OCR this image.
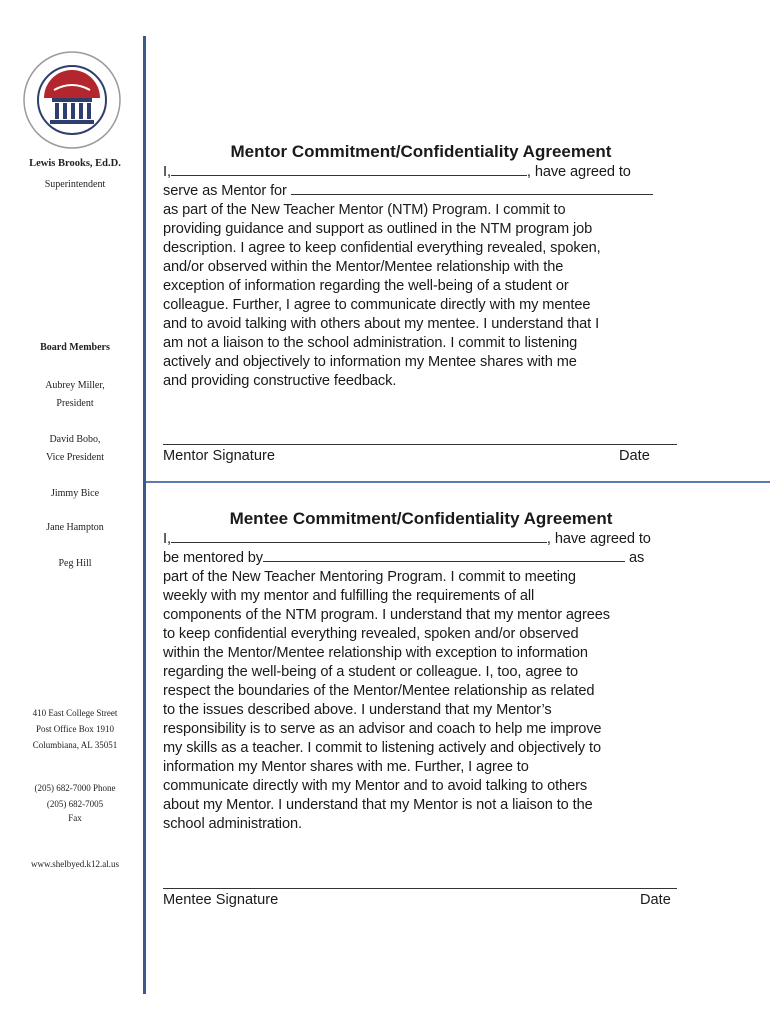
Lewis Brooks, Ed.D.
Superintendent
Board Members
Aubrey Miller,
President
David Bobo,
Vice President
Jimmy Bice
Jane Hampton
Peg Hill
410 East College Street
Post Office Box 1910
Columbiana, AL 35051
(205) 682-7000 Phone
(205) 682-7005
Fax
www.shelbyed.k12.al.us
Mentor Commitment/Confidentiality Agreement
I,	, have agreed to
serve as Mentor for
as part of the New Teacher Mentor (NTM) Program. I commit to
providing guidance and support as outlined in the NTM program job
description. I agree to keep confidential everything revealed, spoken,
and/or observed within the Mentor/Mentee relationship with the
exception of information regarding the well-being of a student or
colleague. Further, I agree to communicate directly with my mentee
and to avoid talking with others about my mentee. I understand that I
am not a liaison to the school administration. I commit to listening
actively and objectively to information my Mentee shares with me
and providing constructive feedback.
Mentor Signature	Date
Mentee Commitment/Confidentiality Agreement
I,	, have agreed to
be mentored by	as
part of the New Teacher Mentoring Program. I commit to meeting
weekly with my mentor and fulfilling the requirements of all
components of the NTM program. I understand that my mentor agrees
to keep confidential everything revealed, spoken and/or observed
within the Mentor/Mentee relationship with exception to information
regarding the well-being of a student or colleague. I, too, agree to
respect the boundaries of the Mentor/Mentee relationship as related
to the issues described above. I understand that my Mentor’s
responsibility is to serve as an advisor and coach to help me improve
my skills as a teacher. I commit to listening actively and objectively to
information my Mentor shares with me. Further, I agree to
communicate directly with my Mentor and to avoid talking to others
about my Mentor. I understand that my Mentor is not a liaison to the
school administration.
Mentee Signature	Date
